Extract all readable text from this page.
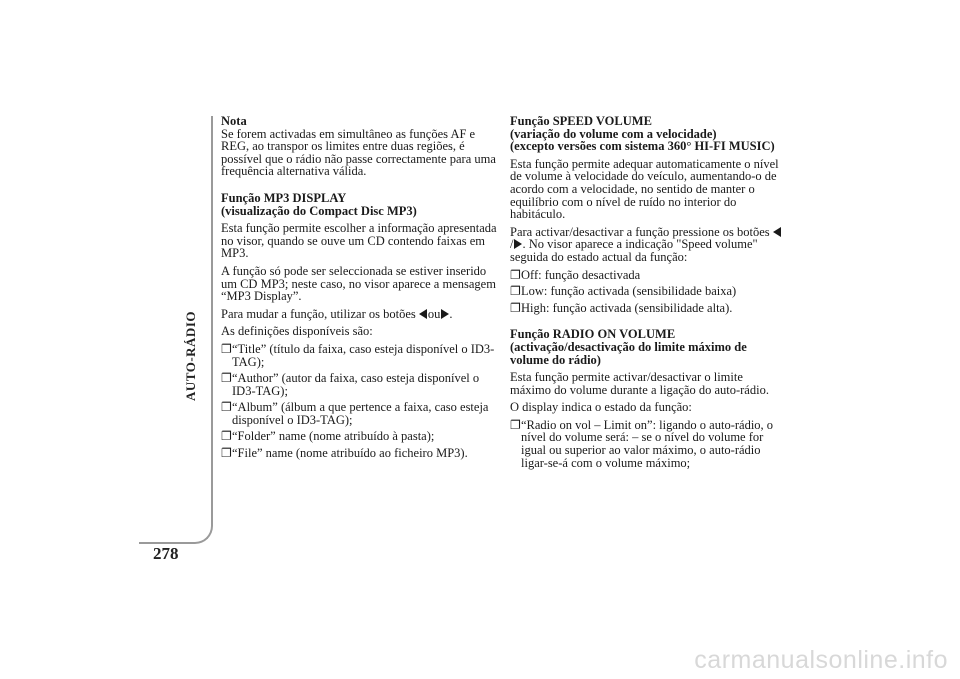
AUTO-RÁDIO
278
Nota

Se forem activadas em simultâneo as funções AF e REG, ao transpor os limites entre duas regiões, é possível que o rádio não passe correctamente para uma frequência alternativa válida.

Função MP3 DISPLAY
(visualização do Compact Disc MP3)

Esta função permite escolher a informação apresentada no visor, quando se ouve um CD contendo faixas em MP3.

A função só pode ser seleccionada se estiver inserido um CD MP3; neste caso, no visor aparece a mensagem “MP3 Display”.

Para mudar a função, utilizar os botões ou .

As definições disponíveis são:

❐ “Title” (título da faixa, caso esteja disponível o ID3-TAG);
❐ “Author” (autor da faixa, caso esteja disponível o ID3-TAG);
❐ “Album” (álbum a que pertence a faixa, caso esteja disponível o ID3-TAG);
❐ “Folder” name (nome atribuído à pasta);
❐ “File” name (nome atribuído ao ficheiro MP3).
Função SPEED VOLUME
(variação do volume com a velocidade)
(excepto versões com sistema 360° HI-FI MUSIC)

Esta função permite adequar automaticamente o nível de volume à velocidade do veículo, aumentando-o de acordo com a velocidade, no sentido de manter o equilíbrio com o nível de ruído no interior do habitáculo.

Para activar/desactivar a função pressione os botões / . No visor aparece a indicação "Speed volume" seguida do estado actual da função:

❐ Off: função desactivada
❐ Low: função activada (sensibilidade baixa)
❐ High: função activada (sensibilidade alta).
Função RADIO ON VOLUME
(activação/desactivação do limite máximo de volume do rádio)

Esta função permite activar/desactivar o limite máximo do volume durante a ligação do auto-rádio.

O display indica o estado da função:

❐ “Radio on vol – Limit on”: ligando o auto-rádio, o nível do volume será: – se o nível do volume for igual ou superior ao valor máximo, o auto-rádio ligar-se-á com o volume máximo;
carmanualsonline.info
